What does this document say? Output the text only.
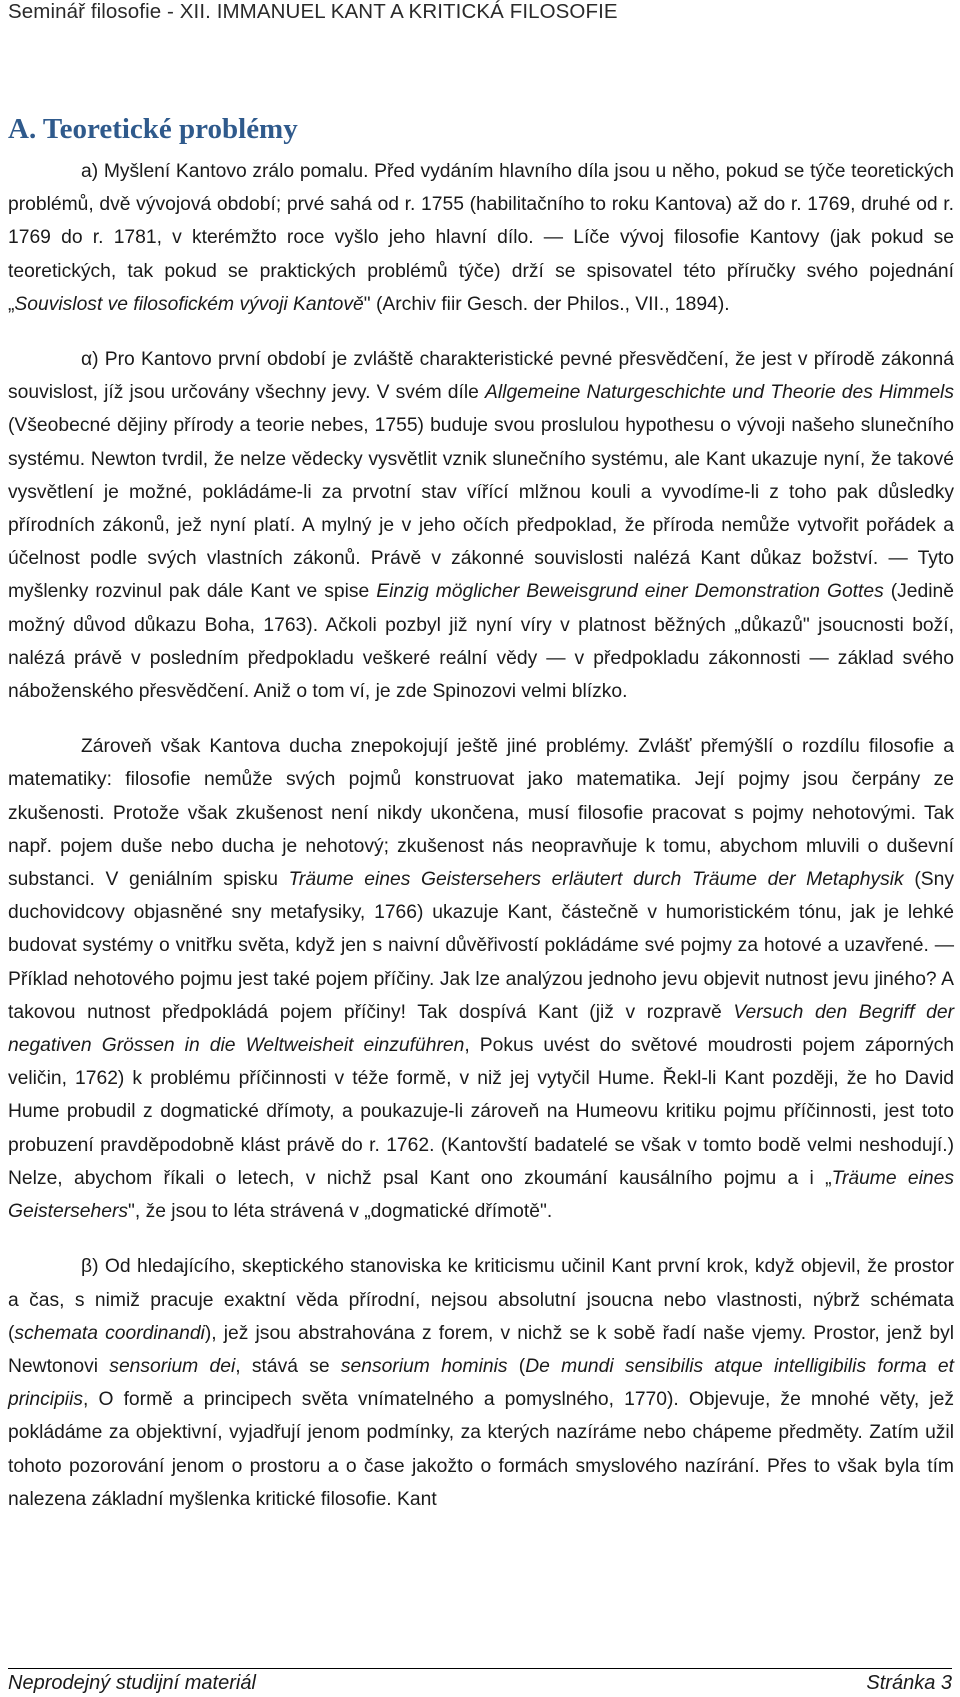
Seminář filosofie - XII. IMMANUEL KANT A KRITICKÁ FILOSOFIE
A. Teoretické problémy

a) Myšlení Kantovo zrálo pomalu. Před vydáním hlavního díla jsou u něho, pokud se týče teoretických problémů, dvě vývojová období; prvé sahá od r. 1755 (habilitačního to roku Kantova) až do r. 1769, druhé od r. 1769 do r. 1781, v kterémžto roce vyšlo jeho hlavní dílo. — Líče vývoj filosofie Kantovy (jak pokud se teoretických, tak pokud se praktických problémů týče) drží se spisovatel této příručky svého pojednání „Souvislost ve filosofickém vývoji Kantově" (Archiv fiir Gesch. der Philos., VII., 1894).

α) Pro Kantovo první období je zvláště charakteristické pevné přesvědčení, že jest v přírodě zákonná souvislost, jíž jsou určovány všechny jevy. V svém díle Allgemeine Naturgeschichte und Theorie des Himmels (Všeobecné dějiny přírody a teorie nebes, 1755) buduje svou proslulou hypothesu o vývoji našeho slunečního systému. Newton tvrdil, že nelze vědecky vysvětlit vznik slunečního systému, ale Kant ukazuje nyní, že takové vysvětlení je možné, pokládáme-li za prvotní stav vířící mlžnou kouli a vyvodíme-li z toho pak důsledky přírodních zákonů, jež nyní platí. A mylný je v jeho očích předpoklad, že příroda nemůže vytvořit pořádek a účelnost podle svých vlastních zákonů. Právě v zákonné souvislosti nalézá Kant důkaz božství. — Tyto myšlenky rozvinul pak dále Kant ve spise Einzig möglicher Beweisgrund einer Demonstration Gottes (Jedině možný důvod důkazu Boha, 1763). Ačkoli pozbyl již nyní víry v platnost běžných „důkazů" jsoucnosti boží, nalézá právě v posledním předpokladu veškeré reální vědy — v předpokladu zákonnosti — základ svého náboženského přesvědčení. Aniž o tom ví, je zde Spinozovi velmi blízko.

Zároveň však Kantova ducha znepokojují ještě jiné problémy. Zvlášť přemýšlí o rozdílu filosofie a matematiky: filosofie nemůže svých pojmů konstruovat jako matematika. Její pojmy jsou čerpány ze zkušenosti. Protože však zkušenost není nikdy ukončena, musí filosofie pracovat s pojmy nehotovými. Tak např. pojem duše nebo ducha je nehotový; zkušenost nás neopravňuje k tomu, abychom mluvili o duševní substanci. V geniálním spisku Träume eines Geistersehers erläutert durch Träume der Metaphysik (Sny duchovidcovy objasněné sny metafysiky, 1766) ukazuje Kant, částečně v humoristickém tónu, jak je lehké budovat systémy o vnitřku světa, když jen s naivní důvěřivostí pokládáme své pojmy za hotové a uzavřené. — Příklad nehotového pojmu jest také pojem příčiny. Jak lze analýzou jednoho jevu objevit nutnost jevu jiného? A takovou nutnost předpokládá pojem příčiny! Tak dospívá Kant (již v rozpravě Versuch den Begriff der negativen Grössen in die Weltweisheit einzuführen, Pokus uvést do světové moudrosti pojem záporných veličin, 1762) k problému příčinnosti v téže formě, v niž jej vytyčil Hume. Řekl-li Kant později, že ho David Hume probudil z dogmatické dřímoty, a poukazuje-li zároveň na Humeovu kritiku pojmu příčinnosti, jest toto probuzení pravděpodobně klást právě do r. 1762. (Kantovští badatelé se však v tomto bodě velmi neshodují.) Nelze, abychom říkali o letech, v nichž psal Kant ono zkoumání kausálního pojmu a i „Träume eines Geistersehers", že jsou to léta strávená v „dogmatické dřímotě".

β) Od hledajícího, skeptického stanoviska ke kriticismu učinil Kant první krok, když objevil, že prostor a čas, s nimiž pracuje exaktní věda přírodní, nejsou absolutní jsoucna nebo vlastnosti, nýbrž schémata (schemata coordinandi), jež jsou abstrahována z forem, v nichž se k sobě řadí naše vjemy. Prostor, jenž byl Newtonovi sensorium dei, stává se sensorium hominis (De mundi sensibilis atque intelligibilis forma et principiis, O formě a principech světa vnímatelného a pomyslného, 1770). Objevuje, že mnohé věty, jež pokládáme za objektivní, vyjadřují jenom podmínky, za kterých nazíráme nebo chápeme předměty. Zatím užil tohoto pozorování jenom o prostoru a o čase jakožto o formách smyslového nazírání. Přes to však byla tím nalezena základní myšlenka kritické filosofie. Kant

Neprodejný studijní materiál	Stránka 3
